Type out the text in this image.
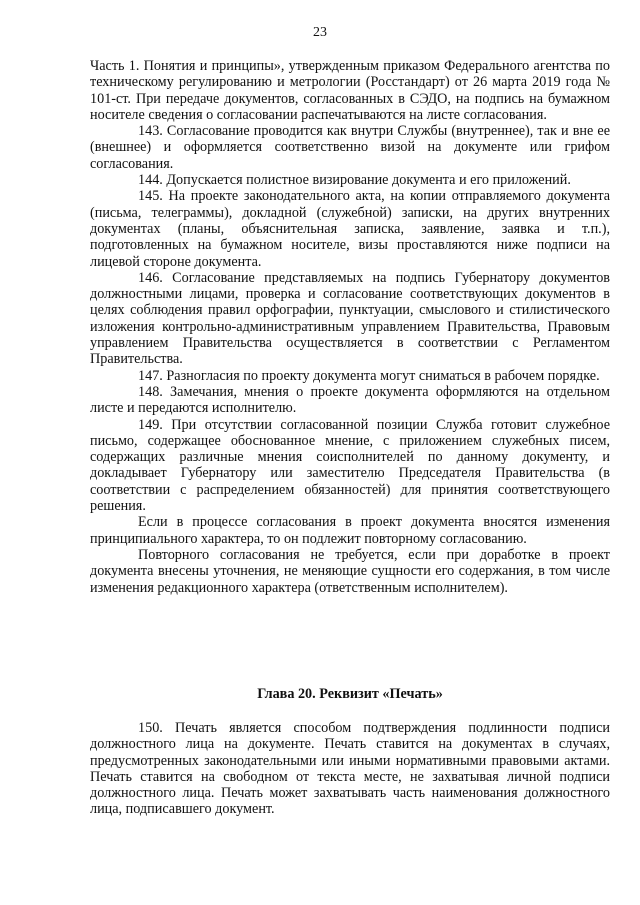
23

Часть 1. Понятия и принципы», утвержденным приказом Федерального агентства по техническому регулированию и метрологии (Росстандарт) от 26 марта 2019 года № 101-ст. При передаче документов, согласованных в СЭДО, на подпись на бумажном носителе сведения о согласовании распечатываются на листе согласования.

143. Согласование проводится как внутри Службы (внутреннее), так и вне ее (внешнее) и оформляется соответственно визой на документе или грифом согласования.

144. Допускается полистное визирование документа и его приложений.

145. На проекте законодательного акта, на копии отправляемого документа (письма, телеграммы), докладной (служебной) записки, на других внутренних документах (планы, объяснительная записка, заявление, заявка и т.п.), подготовленных на бумажном носителе, визы проставляются ниже подписи на лицевой стороне документа.

146. Согласование представляемых на подпись Губернатору документов должностными лицами, проверка и согласование соответствующих документов в целях соблюдения правил орфографии, пунктуации, смыслового и стилистического изложения контрольно-административным управлением Правительства, Правовым управлением Правительства осуществляется в соответствии с Регламентом Правительства.

147. Разногласия по проекту документа могут сниматься в рабочем порядке.

148. Замечания, мнения о проекте документа оформляются на отдельном листе и передаются исполнителю.

149. При отсутствии согласованной позиции Служба готовит служебное письмо, содержащее обоснованное мнение, с приложением служебных писем, содержащих различные мнения соисполнителей по данному документу, и докладывает Губернатору или заместителю Председателя Правительства (в соответствии с распределением обязанностей) для принятия соответствующего решения.

Если в процессе согласования в проект документа вносятся изменения принципиального характера, то он подлежит повторному согласованию.

Повторного согласования не требуется, если при доработке в проект документа внесены уточнения, не меняющие сущности его содержания, в том числе изменения редакционного характера (ответственным исполнителем).

Глава 20. Реквизит «Печать»

150. Печать является способом подтверждения подлинности подписи должностного лица на документе. Печать ставится на документах в случаях, предусмотренных законодательными или иными нормативными правовыми актами. Печать ставится на свободном от текста месте, не захватывая личной подписи должностного лица. Печать может захватывать часть наименования должностного лица, подписавшего документ.
